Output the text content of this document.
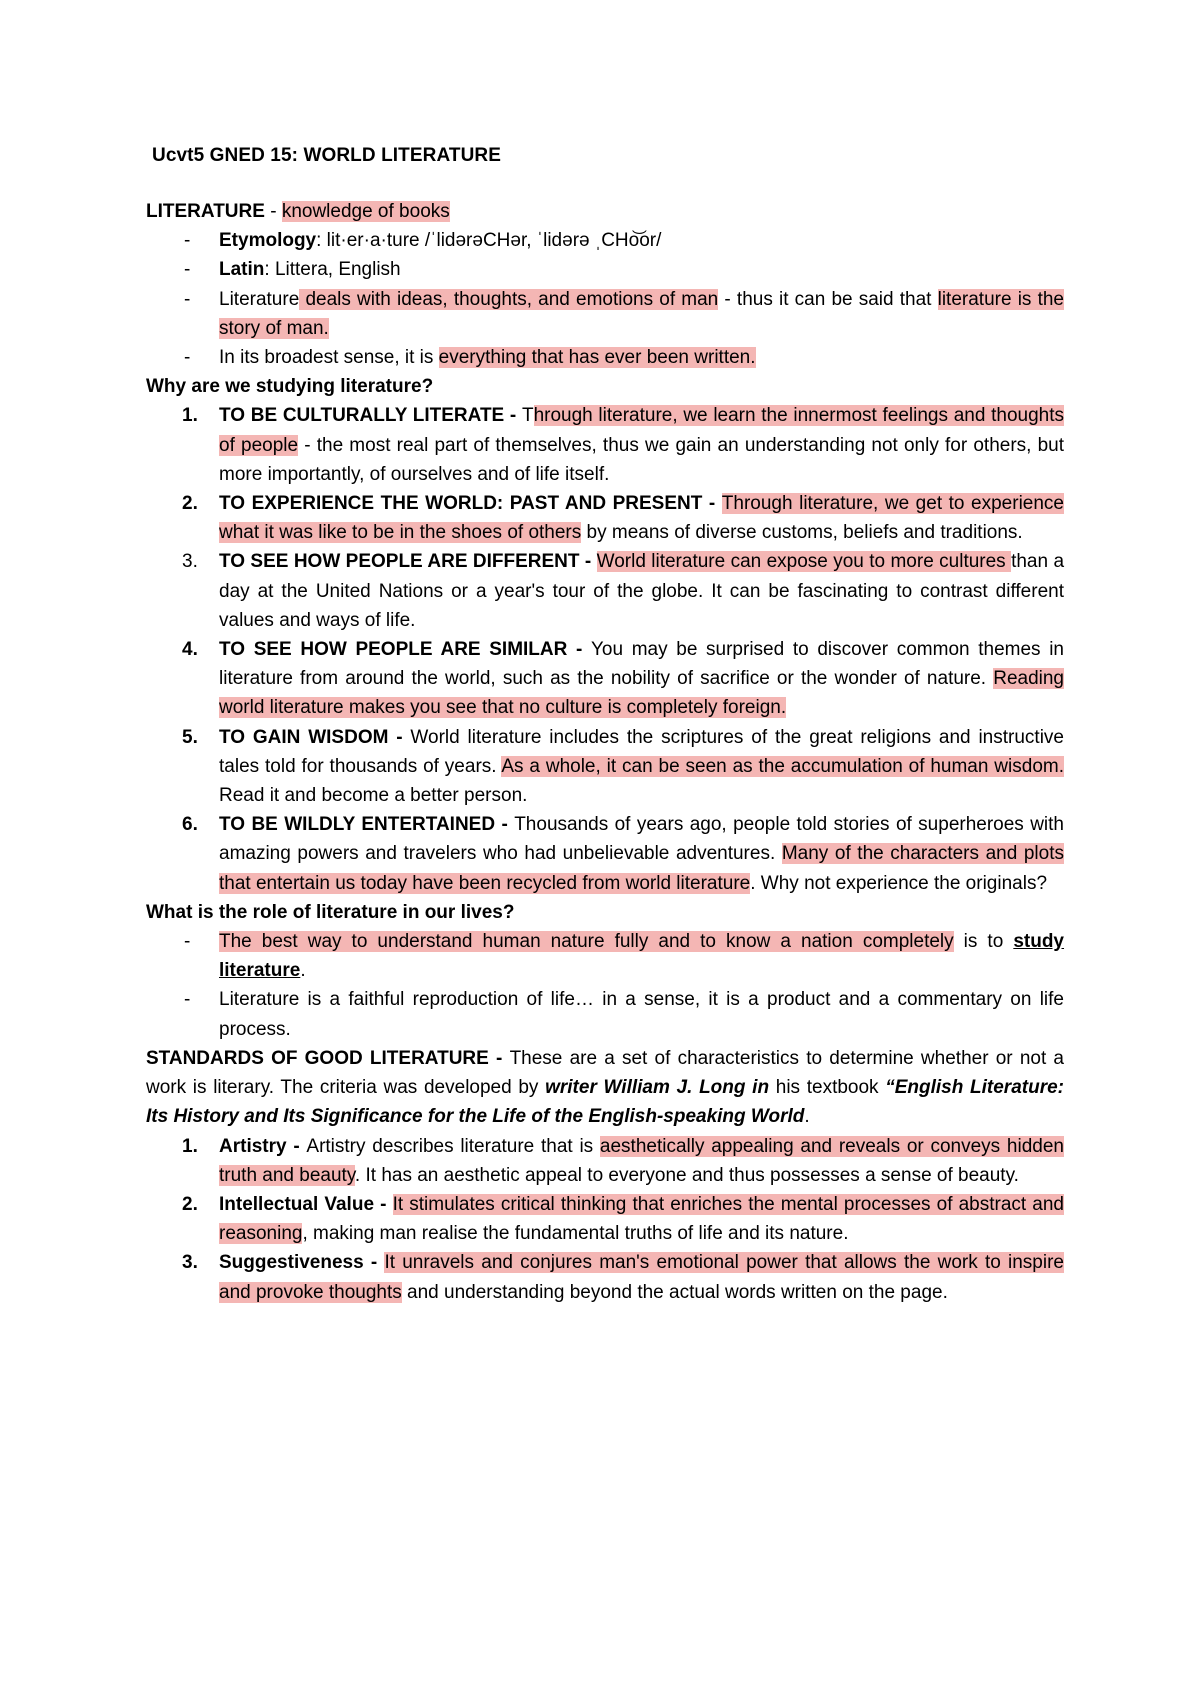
Ucvt5 GNED 15: WORLD LITERATURE
LITERATURE - knowledge of books
- Etymology: lit·er·a·ture /ˈlidərəCHər, ˈlidərə ˌCHo͝or/
- Latin: Littera, English
- Literature deals with ideas, thoughts, and emotions of man - thus it can be said that literature is the story of man.
- In its broadest sense, it is everything that has ever been written.
Why are we studying literature?
1. TO BE CULTURALLY LITERATE - Through literature, we learn the innermost feelings and thoughts of people - the most real part of themselves, thus we gain an understanding not only for others, but more importantly, of ourselves and of life itself.
2. TO EXPERIENCE THE WORLD: PAST AND PRESENT - Through literature, we get to experience what it was like to be in the shoes of others by means of diverse customs, beliefs and traditions.
3. TO SEE HOW PEOPLE ARE DIFFERENT - World literature can expose you to more cultures than a day at the United Nations or a year's tour of the globe. It can be fascinating to contrast different values and ways of life.
4. TO SEE HOW PEOPLE ARE SIMILAR - You may be surprised to discover common themes in literature from around the world, such as the nobility of sacrifice or the wonder of nature. Reading world literature makes you see that no culture is completely foreign.
5. TO GAIN WISDOM - World literature includes the scriptures of the great religions and instructive tales told for thousands of years. As a whole, it can be seen as the accumulation of human wisdom. Read it and become a better person.
6. TO BE WILDLY ENTERTAINED - Thousands of years ago, people told stories of superheroes with amazing powers and travelers who had unbelievable adventures. Many of the characters and plots that entertain us today have been recycled from world literature. Why not experience the originals?
What is the role of literature in our lives?
- The best way to understand human nature fully and to know a nation completely is to study literature.
- Literature is a faithful reproduction of life… in a sense, it is a product and a commentary on life process.

STANDARDS OF GOOD LITERATURE - These are a set of characteristics to determine whether or not a work is literary. The criteria was developed by writer William J. Long in his textbook “English Literature: Its History and Its Significance for the Life of the English-speaking World.

1. Artistry - Artistry describes literature that is aesthetically appealing and reveals or conveys hidden truth and beauty. It has an aesthetic appeal to everyone and thus possesses a sense of beauty.
2. Intellectual Value - It stimulates critical thinking that enriches the mental processes of abstract and reasoning, making man realise the fundamental truths of life and its nature.
3. Suggestiveness - It unravels and conjures man's emotional power that allows the work to inspire and provoke thoughts and understanding beyond the actual words written on the page.
